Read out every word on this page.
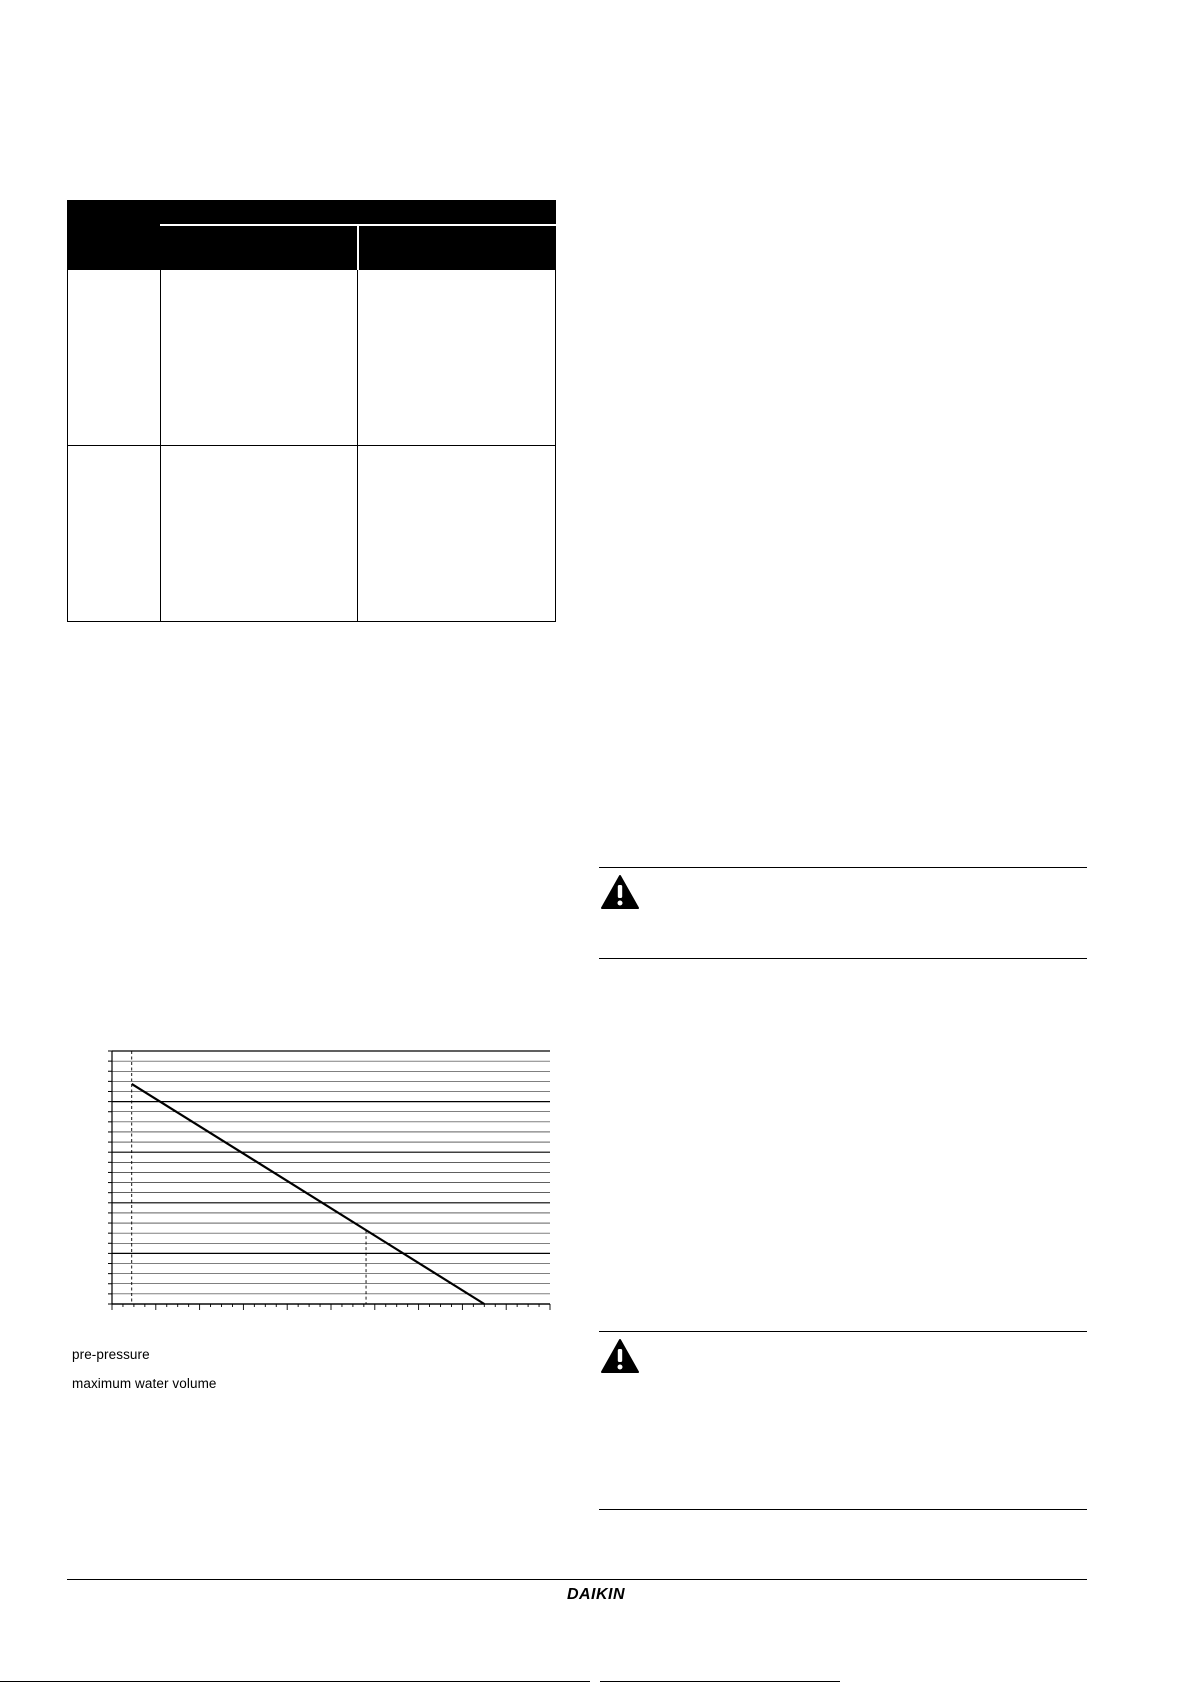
pre-pressure
maximum water volume
DAIKIN
